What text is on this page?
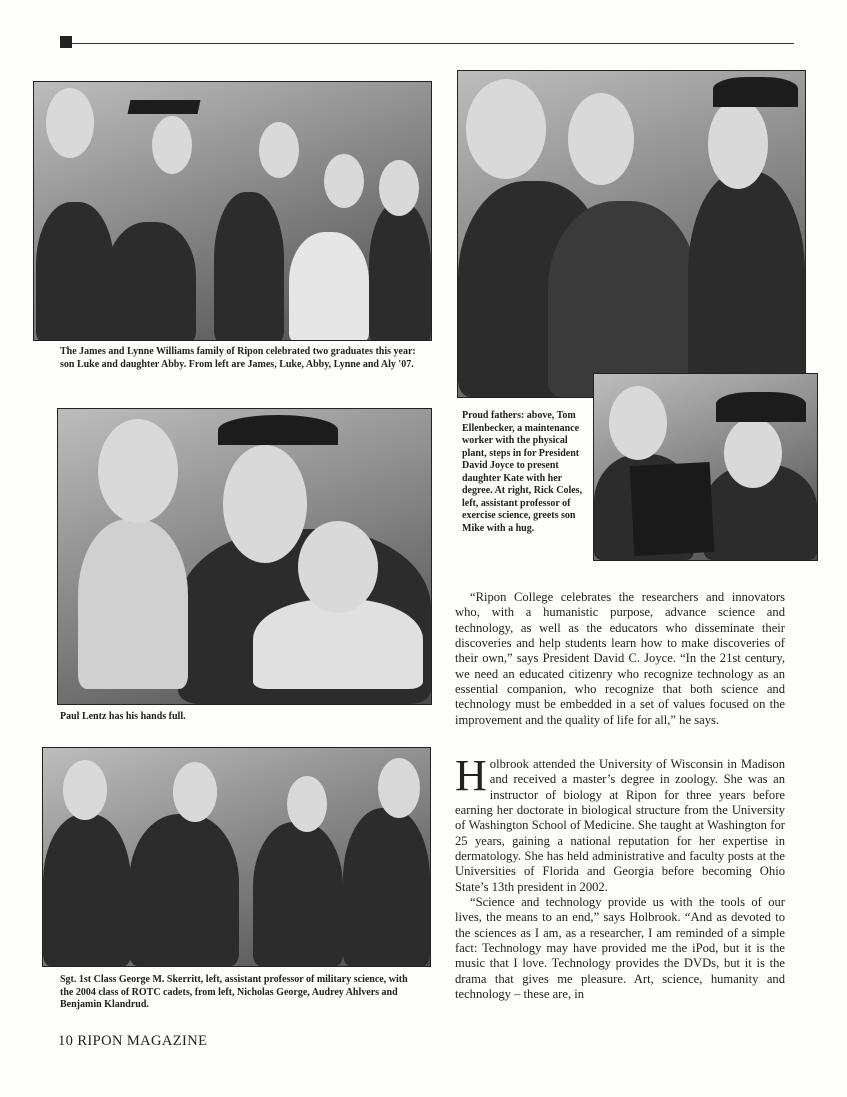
The James and Lynne Williams family of Ripon celebrated two graduates this year: son Luke and daughter Abby. From left are James, Luke, Abby, Lynne and Aly '07.
Proud fathers: above, Tom Ellenbecker, a maintenance worker with the physical plant, steps in for President David Joyce to present daughter Kate with her degree. At right, Rick Coles, left, assistant professor of exercise science, greets son Mike with a hug.
Paul Lentz has his hands full.
Sgt. 1st Class George M. Skerritt, left, assistant professor of military science, with the 2004 class of ROTC cadets, from left, Nicholas George, Audrey Ahlvers and Benjamin Klandrud.

“Ripon College celebrates the researchers and innovators who, with a humanistic purpose, advance science and technology, as well as the educators who disseminate their discoveries and help students learn how to make discoveries of their own,” says President David C. Joyce. “In the 21st century, we need an educated citizenry who recognize technology as an essential companion, who recognize that both science and technology must be embedded in a set of values focused on the improvement and the quality of life for all,” he says.

Holbrook attended the University of Wisconsin in Madison and received a master’s degree in zoology. She was an instructor of biology at Ripon for three years before earning her doctorate in biological structure from the University of Washington School of Medicine. She taught at Washington for 25 years, gaining a national reputation for her expertise in dermatology. She has held administrative and faculty posts at the Universities of Florida and Georgia before becoming Ohio State’s 13th president in 2002.

“Science and technology provide us with the tools of our lives, the means to an end,” says Holbrook. “And as devoted to the sciences as I am, as a researcher, I am reminded of a simple fact: Technology may have provided me the iPod, but it is the music that I love. Technology provides the DVDs, but it is the drama that gives me pleasure. Art, science, humanity and technology – these are, in

10 RIPON MAGAZINE
